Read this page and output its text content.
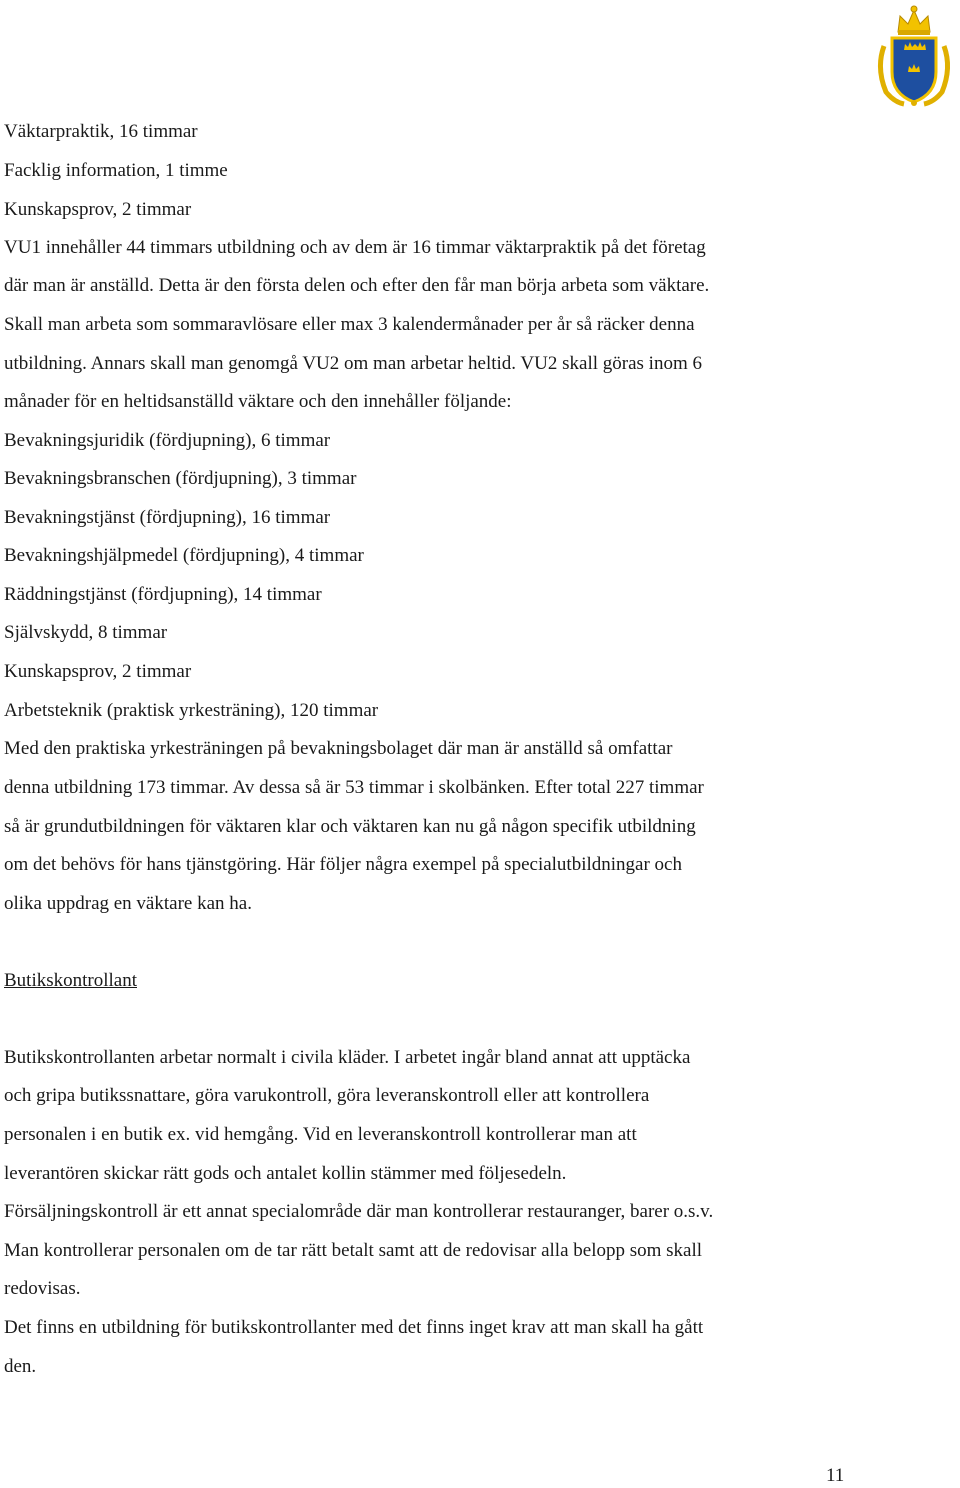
Väktarpraktik, 16 timmar
Facklig information, 1 timme
Kunskapsprov, 2 timmar
VU1 innehåller 44 timmars utbildning och av dem är 16 timmar väktarpraktik på det företag
där man är anställd. Detta är den första delen och efter den får man börja arbeta som väktare.
Skall man arbeta som sommaravlösare eller max 3 kalendermånader per år så räcker denna
utbildning. Annars skall man genomgå VU2 om man arbetar heltid. VU2 skall göras inom 6
månader för en heltidsanställd väktare och den innehåller följande:
Bevakningsjuridik (fördjupning), 6 timmar
Bevakningsbranschen (fördjupning), 3 timmar
Bevakningstjänst (fördjupning), 16 timmar
Bevakningshjälpmedel (fördjupning), 4 timmar
Räddningstjänst (fördjupning), 14 timmar
Självskydd, 8 timmar
Kunskapsprov, 2 timmar
Arbetsteknik (praktisk yrkesträning), 120 timmar
Med den praktiska yrkesträningen på bevakningsbolaget där man är anställd så omfattar
denna utbildning 173 timmar. Av dessa så är 53 timmar i skolbänken. Efter total 227 timmar
så är grundutbildningen för väktaren klar och väktaren kan nu gå någon specifik utbildning
om det behövs för hans tjänstgöring. Här följer några exempel på specialutbildningar och
olika uppdrag en väktare kan ha.
Butikskontrollant
Butikskontrollanten arbetar normalt i civila kläder. I arbetet ingår bland annat att upptäcka
och gripa butikssnattare, göra varukontroll, göra leveranskontroll eller att kontrollera
personalen i en butik ex. vid hemgång. Vid en leveranskontroll kontrollerar man att
leverantören skickar rätt gods och antalet kollin stämmer med följesedeln.
Försäljningskontroll är ett annat specialområde där man kontrollerar restauranger, barer o.s.v.
Man kontrollerar personalen om de tar rätt betalt samt att de redovisar alla belopp som skall
redovisas.
Det finns en utbildning för butikskontrollanter med det finns inget krav att man skall ha gått
den.
11
